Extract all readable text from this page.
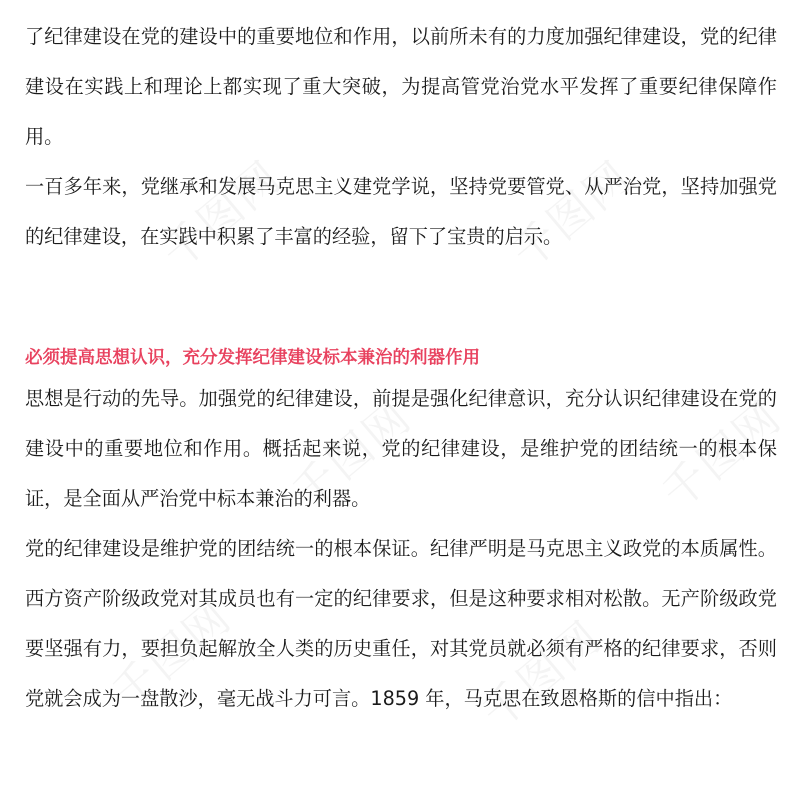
千图网	千图网
千图网	千图网
千图网	千图网

了纪律建设在党的建设中的重要地位和作用，以前所未有的力度加强纪律建设，党的纪律建设在实践上和理论上都实现了重大突破，为提高管党治党水平发挥了重要纪律保障作用。

一百多年来，党继承和发展马克思主义建党学说，坚持党要管党、从严治党，坚持加强党的纪律建设，在实践中积累了丰富的经验，留下了宝贵的启示。

必须提高思想认识，充分发挥纪律建设标本兼治的利器作用

思想是行动的先导。加强党的纪律建设，前提是强化纪律意识，充分认识纪律建设在党的建设中的重要地位和作用。概括起来说，党的纪律建设，是维护党的团结统一的根本保证，是全面从严治党中标本兼治的利器。

党的纪律建设是维护党的团结统一的根本保证。纪律严明是马克思主义政党的本质属性。西方资产阶级政党对其成员也有一定的纪律要求，但是这种要求相对松散。无产阶级政党要坚强有力，要担负起解放全人类的历史重任，对其党员就必须有严格的纪律要求，否则党就会成为一盘散沙，毫无战斗力可言。1859 年，马克思在致恩格斯的信中指出：
